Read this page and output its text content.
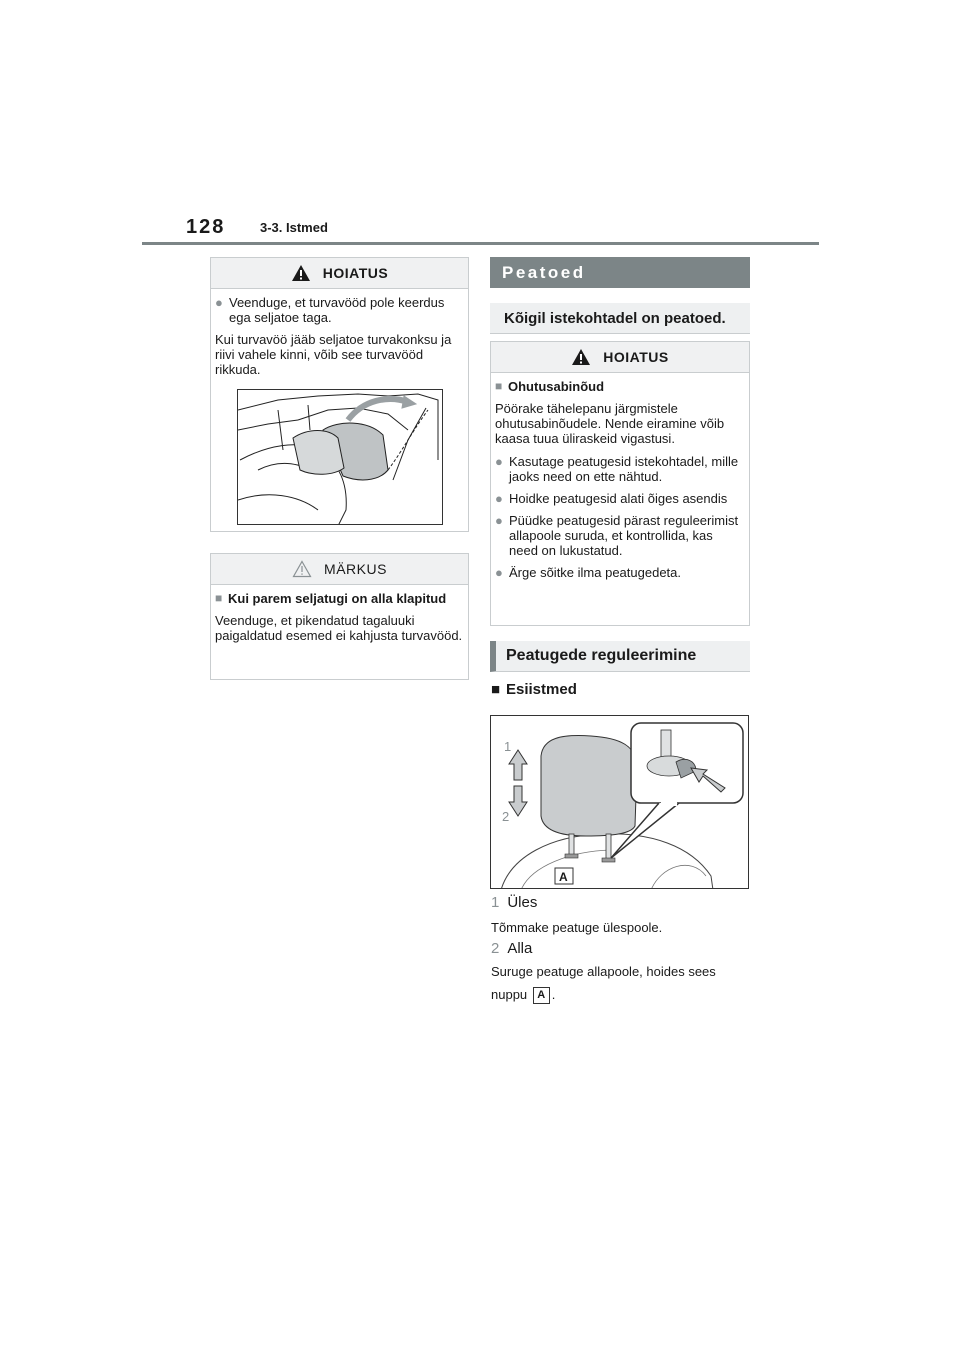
128	3-3. Istmed
HOIATUS
● Veenduge, et turvavööd pole keerdus ega seljatoe taga.
Kui turvavöö jääb seljatoe turvakonksu ja riivi vahele kinni, võib see turvavööd rikkuda.
MÄRKUS
■ Kui parem seljatugi on alla klapitud
Veenduge, et pikendatud tagaluuki paigaldatud esemed ei kahjusta turvavööd.
Peatoed
Kõigil istekohtadel on peatoed.
HOIATUS
■ Ohutusabinõud
Pöörake tähelepanu järgmistele ohutusabinõudele. Nende eiramine võib kaasa tuua üliraskeid vigastusi.
● Kasutage peatugesid istekohtadel, mille jaoks need on ette nähtud.
● Hoidke peatugesid alati õiges asendis
● Püüdke peatugesid pärast reguleerimist allapoole suruda, et kontrollida, kas need on lukustatud.
● Ärge sõitke ilma peatugedeta.
Peatugede reguleerimine
■ Esiistmed
1
2
A
1 Üles
Tõmmake peatuge ülespoole.
2 Alla
Suruge peatuge allapoole, hoides sees
nuppu A .
